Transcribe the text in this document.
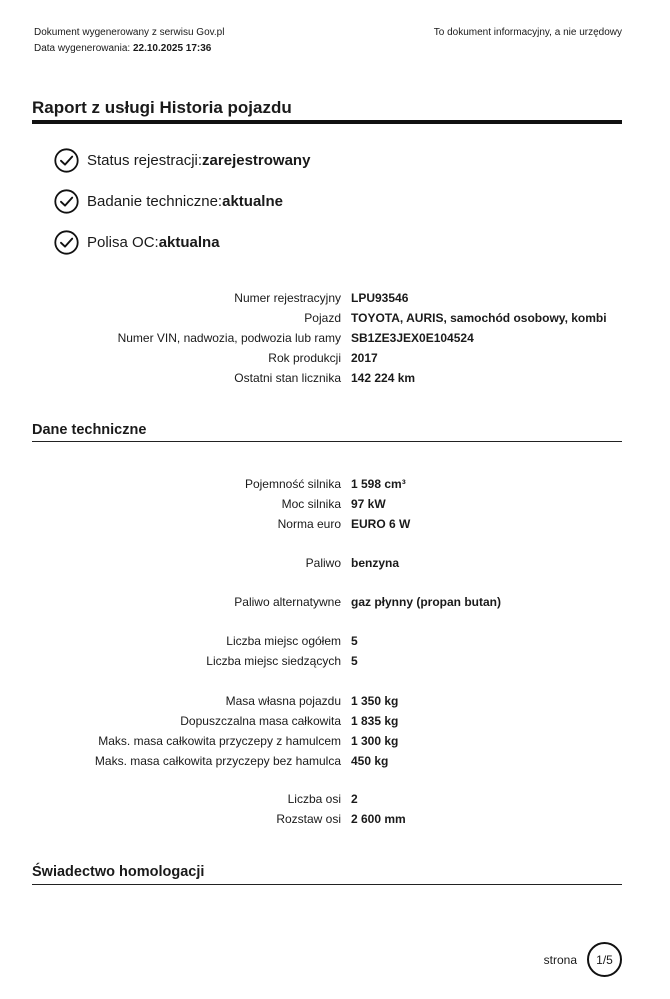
Dokument wygenerowany z serwisu Gov.pl
Data wygenerowania: 22.10.2025 17:36
To dokument informacyjny, a nie urzędowy
Raport z usługi Historia pojazdu
Status rejestracji: zarejestrowany
Badanie techniczne: aktualne
Polisa OC: aktualna
Numer rejestracyjny LPU93546
Pojazd TOYOTA, AURIS, samochód osobowy, kombi
Numer VIN, nadwozia, podwozia lub ramy SB1ZE3JEX0E104524
Rok produkcji 2017
Ostatni stan licznika 142 224 km
Dane techniczne
Pojemność silnika 1 598 cm³
Moc silnika 97 kW
Norma euro EURO 6 W
Paliwo benzyna
Paliwo alternatywne gaz płynny (propan butan)
Liczba miejsc ogółem 5
Liczba miejsc siedzących 5
Masa własna pojazdu 1 350 kg
Dopuszczalna masa całkowita 1 835 kg
Maks. masa całkowita przyczepy z hamulcem 1 300 kg
Maks. masa całkowita przyczepy bez hamulca 450 kg
Liczba osi 2
Rozstaw osi 2 600 mm
Świadectwo homologacji
strona	1/5
